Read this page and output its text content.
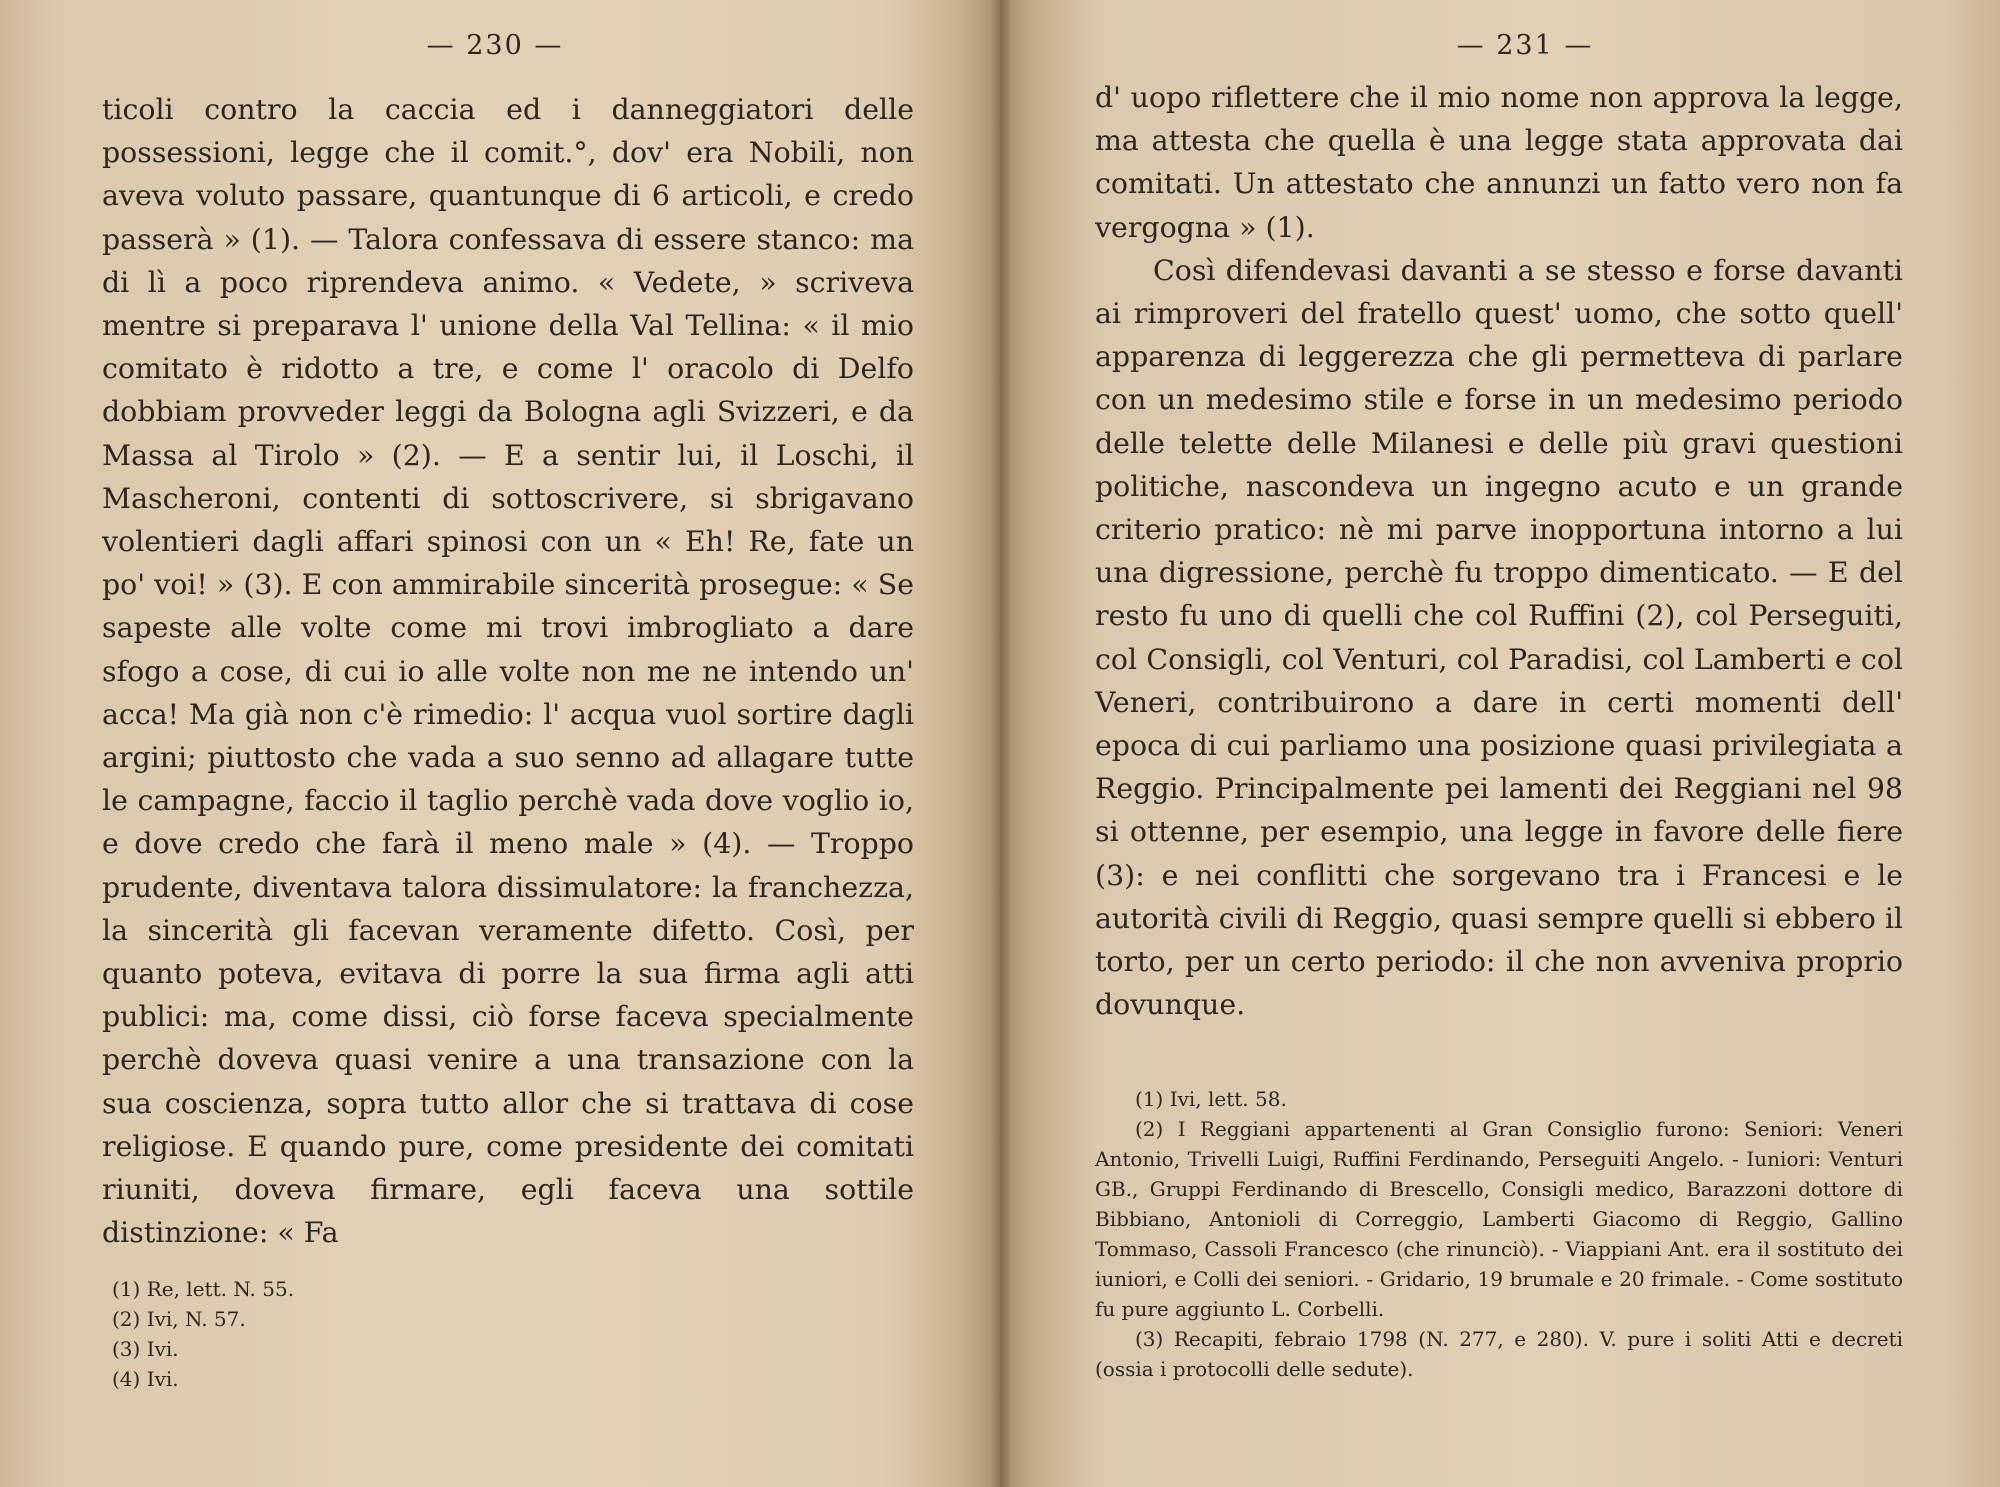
— 230 —

ticoli contro la caccia ed i danneggiatori delle possessioni, legge che il comit.°, dov' era Nobili, non aveva voluto passare, quantunque di 6 articoli, e credo passerà » (1). — Talora confessava di essere stanco: ma di lì a poco riprendeva animo. « Vedete, » scriveva mentre si preparava l' unione della Val Tellina: « il mio comitato è ridotto a tre, e come l' oracolo di Delfo dobbiam provveder leggi da Bologna agli Svizzeri, e da Massa al Tirolo » (2). — E a sentir lui, il Loschi, il Mascheroni, contenti di sottoscrivere, si sbrigavano volentieri dagli affari spinosi con un « Eh! Re, fate un po' voi! » (3). E con ammirabile sincerità prosegue: « Se sapeste alle volte come mi trovi imbrogliato a dare sfogo a cose, di cui io alle volte non me ne intendo un' acca! Ma già non c'è rimedio: l' acqua vuol sortire dagli argini; piuttosto che vada a suo senno ad allagare tutte le campagne, faccio il taglio perchè vada dove voglio io, e dove credo che farà il meno male » (4). — Troppo prudente, diventava talora dissimulatore: la franchezza, la sincerità gli facevan veramente difetto. Così, per quanto poteva, evitava di porre la sua firma agli atti publici: ma, come dissi, ciò forse faceva specialmente perchè doveva quasi venire a una transazione con la sua coscienza, sopra tutto allor che si trattava di cose religiose. E quando pure, come presidente dei comitati riuniti, doveva firmare, egli faceva una sottile distinzione: « Fa

(1) Re, lett. N. 55.

(2) Ivi, N. 57.

(3) Ivi.

(4) Ivi.

— 231 —

d' uopo riflettere che il mio nome non approva la legge, ma attesta che quella è una legge stata approvata dai comitati. Un attestato che annunzi un fatto vero non fa vergogna » (1).

Così difendevasi davanti a se stesso e forse davanti ai rimproveri del fratello quest' uomo, che sotto quell' apparenza di leggerezza che gli permetteva di parlare con un medesimo stile e forse in un medesimo periodo delle telette delle Milanesi e delle più gravi questioni politiche, nascondeva un ingegno acuto e un grande criterio pratico: nè mi parve inopportuna intorno a lui una digressione, perchè fu troppo dimenticato. — E del resto fu uno di quelli che col Ruffini (2), col Perseguiti, col Consigli, col Venturi, col Paradisi, col Lamberti e col Veneri, contribuirono a dare in certi momenti dell' epoca di cui parliamo una posizione quasi privilegiata a Reggio. Principalmente pei lamenti dei Reggiani nel 98 si ottenne, per esempio, una legge in favore delle fiere (3): e nei conflitti che sorgevano tra i Francesi e le autorità civili di Reggio, quasi sempre quelli si ebbero il torto, per un certo periodo: il che non avveniva proprio dovunque.

(1) Ivi, lett. 58.

(2) I Reggiani appartenenti al Gran Consiglio furono: Seniori: Veneri Antonio, Trivelli Luigi, Ruffini Ferdinando, Perseguiti Angelo. - Iuniori: Venturi GB., Gruppi Ferdinando di Brescello, Consigli medico, Barazzoni dottore di Bibbiano, Antonioli di Correggio, Lamberti Giacomo di Reggio, Gallino Tommaso, Cassoli Francesco (che rinunciò). - Viappiani Ant. era il sostituto dei iuniori, e Colli dei seniori. - Gridario, 19 brumale e 20 frimale. - Come sostituto fu pure aggiunto L. Corbelli.

(3) Recapiti, febraio 1798 (N. 277, e 280). V. pure i soliti Atti e decreti (ossia i protocolli delle sedute).
